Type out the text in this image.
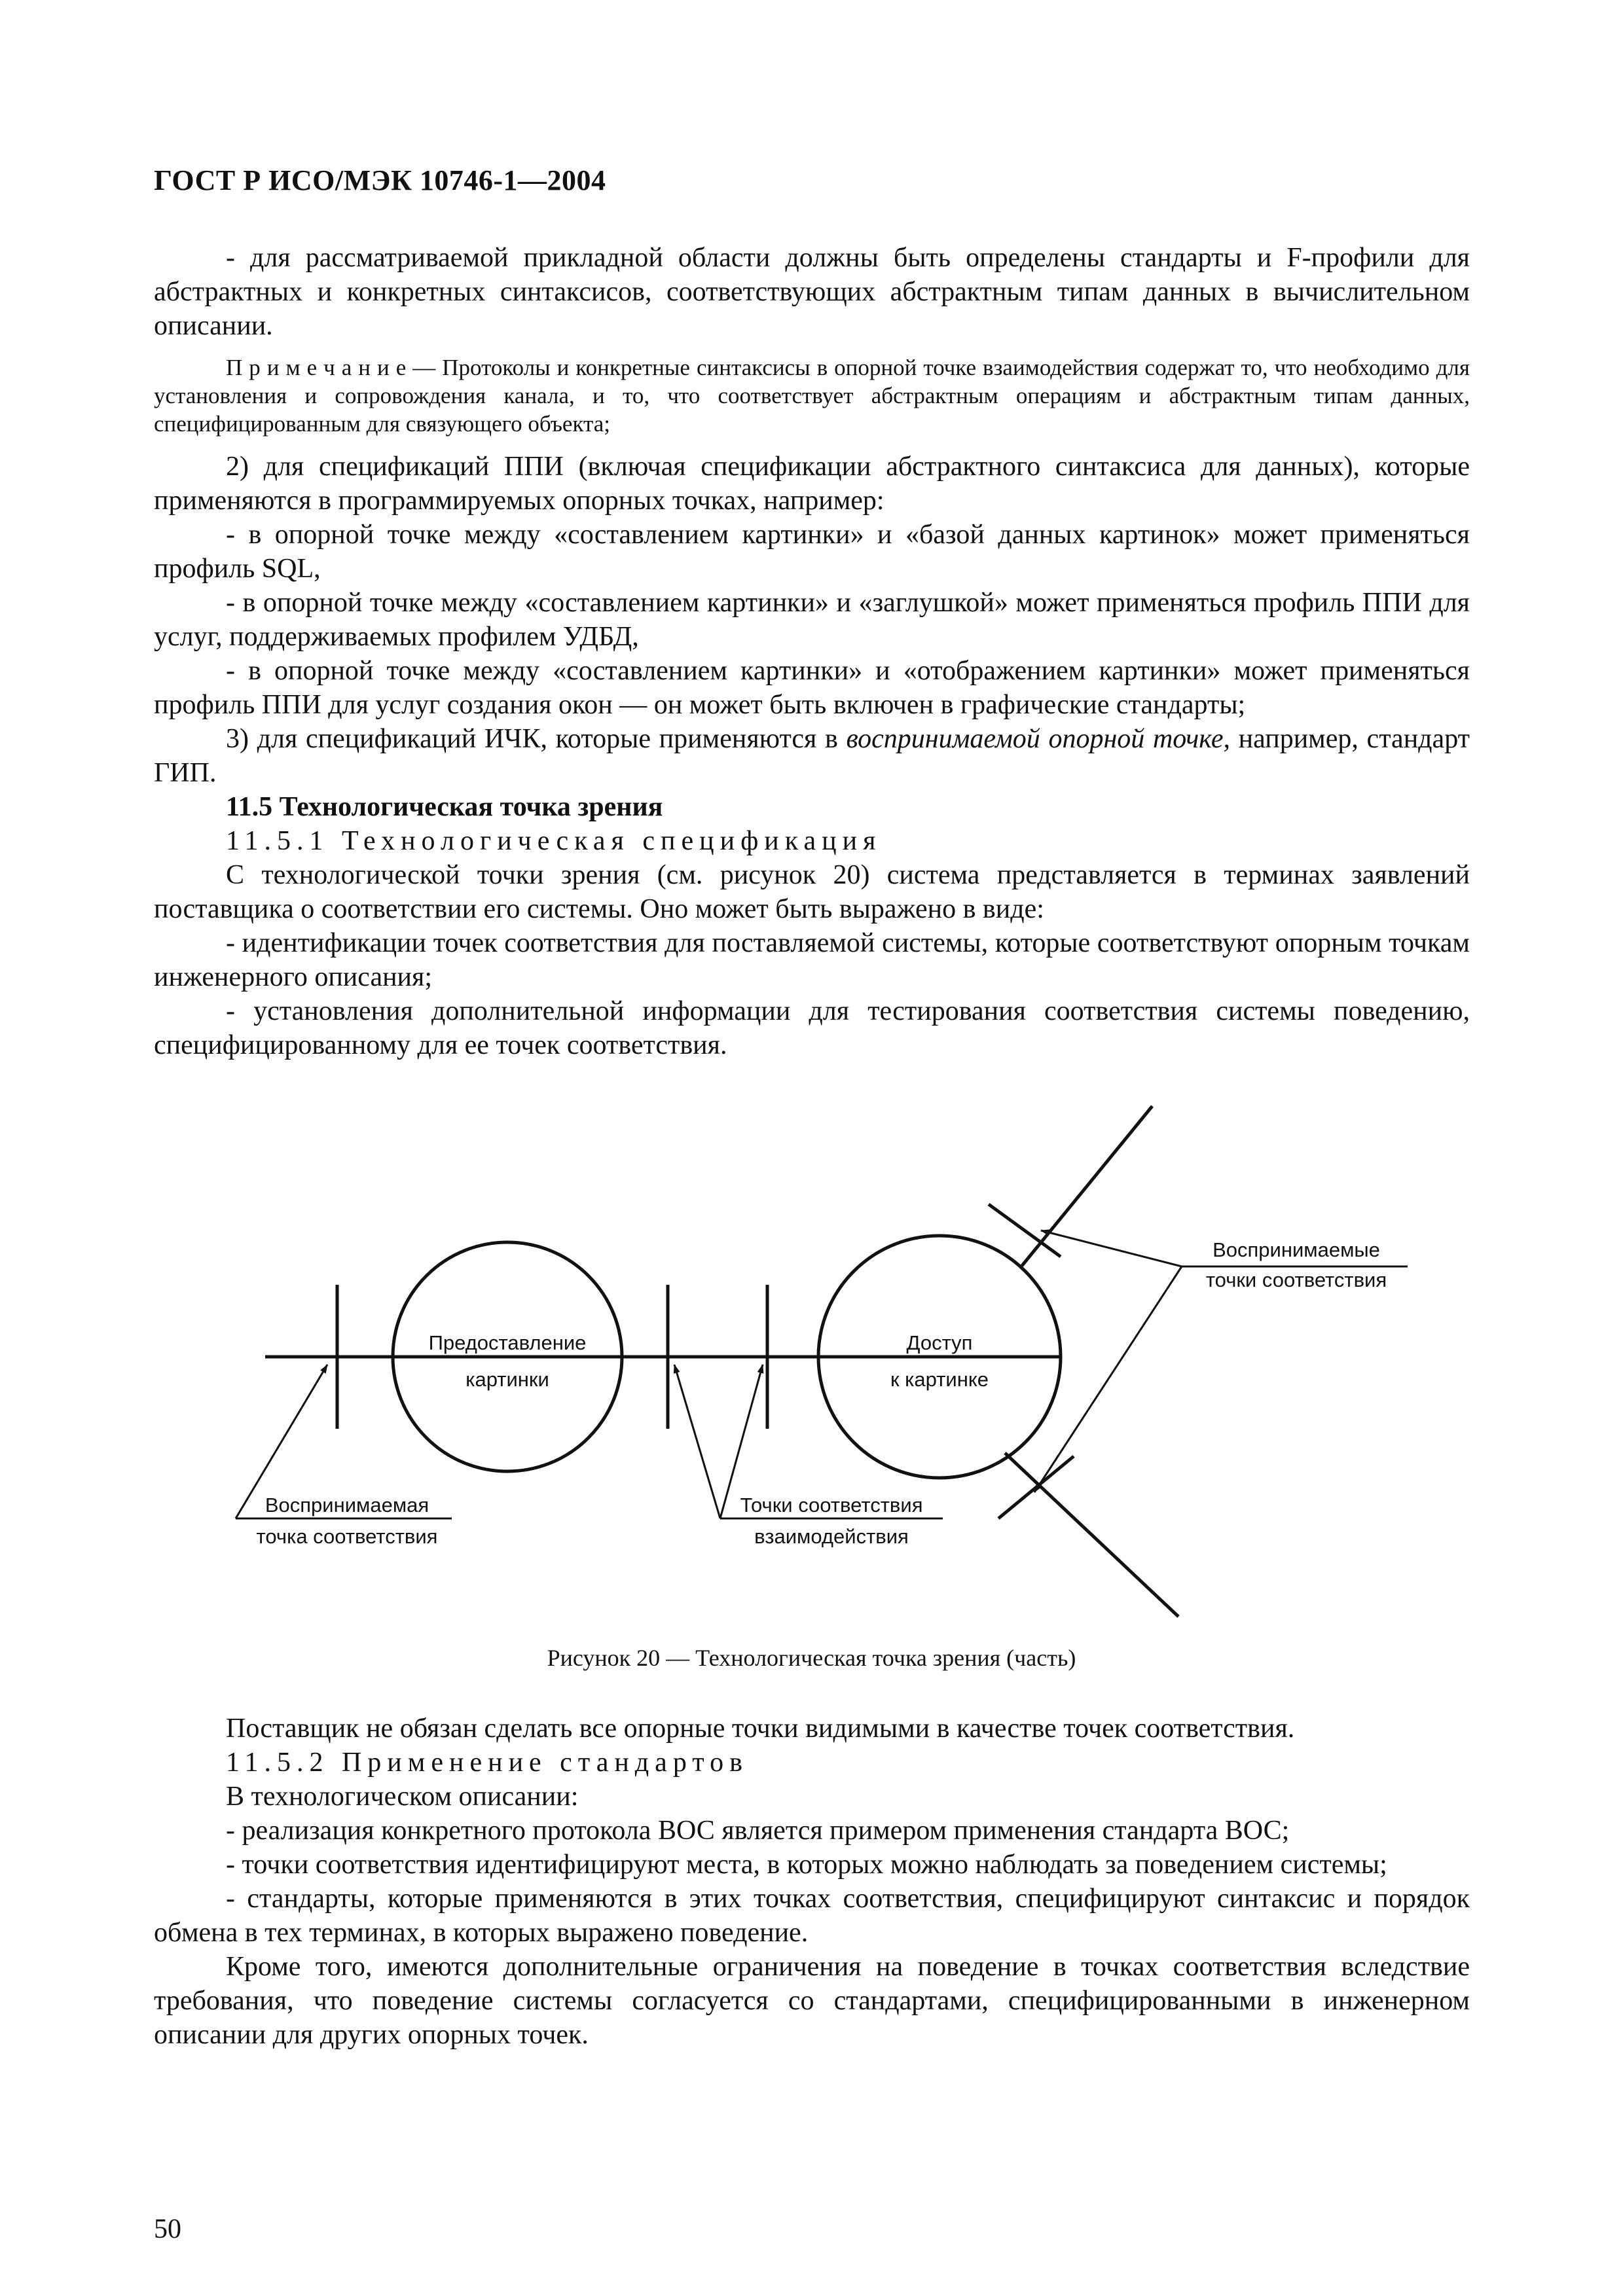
ГОСТ Р ИСО/МЭК 10746-1—2004

- для рассматриваемой прикладной области должны быть определены стандарты и F-профили для абстрактных и конкретных синтаксисов, соответствующих абстрактным типам данных в вычислительном описании.

П р и м е ч а н и е — Протоколы и конкретные синтаксисы в опорной точке взаимодействия содержат то, что необходимо для установления и сопровождения канала, и то, что соответствует абстрактным операциям и абстрактным типам данных, специфицированным для связующего объекта;

2) для спецификаций ППИ (включая спецификации абстрактного синтаксиса для данных), которые применяются в программируемых опорных точках, например:

- в опорной точке между «составлением картинки» и «базой данных картинок» может применяться профиль SQL,

- в опорной точке между «составлением картинки» и «заглушкой» может применяться профиль ППИ для услуг, поддерживаемых профилем УДБД,

- в опорной точке между «составлением картинки» и «отображением картинки» может применяться профиль ППИ для услуг создания окон — он может быть включен в графические стандарты;

3) для спецификаций ИЧК, которые применяются в воспринимаемой опорной точке, например, стандарт ГИП.

11.5 Технологическая точка зрения

11.5.1 Технологическая спецификация

С технологической точки зрения (см. рисунок 20) система представляется в терминах заявлений поставщика о соответствии его системы. Оно может быть выражено в виде:

- идентификации точек соответствия для поставляемой системы, которые соответствуют опорным точкам инженерного описания;

- установления дополнительной информации для тестирования соответствия системы поведению, специфицированному для ее точек соответствия.

Предоставление
картинки
Доступ
к картинке
Воспринимаемые
точки соответствия
Воспринимаемая
точка соответствия
Точки соответствия
взаимодействия
Рисунок 20 — Технологическая точка зрения (часть)

Поставщик не обязан сделать все опорные точки видимыми в качестве точек соответствия.

11.5.2 Применение стандартов

В технологическом описании:

- реализация конкретного протокола ВОС является примером применения стандарта ВОС;

- точки соответствия идентифицируют места, в которых можно наблюдать за поведением системы;

- стандарты, которые применяются в этих точках соответствия, специфицируют синтаксис и порядок обмена в тех терминах, в которых выражено поведение.

Кроме того, имеются дополнительные ограничения на поведение в точках соответствия вследствие требования, что поведение системы согласуется со стандартами, специфицированными в инженерном описании для других опорных точек.

50
